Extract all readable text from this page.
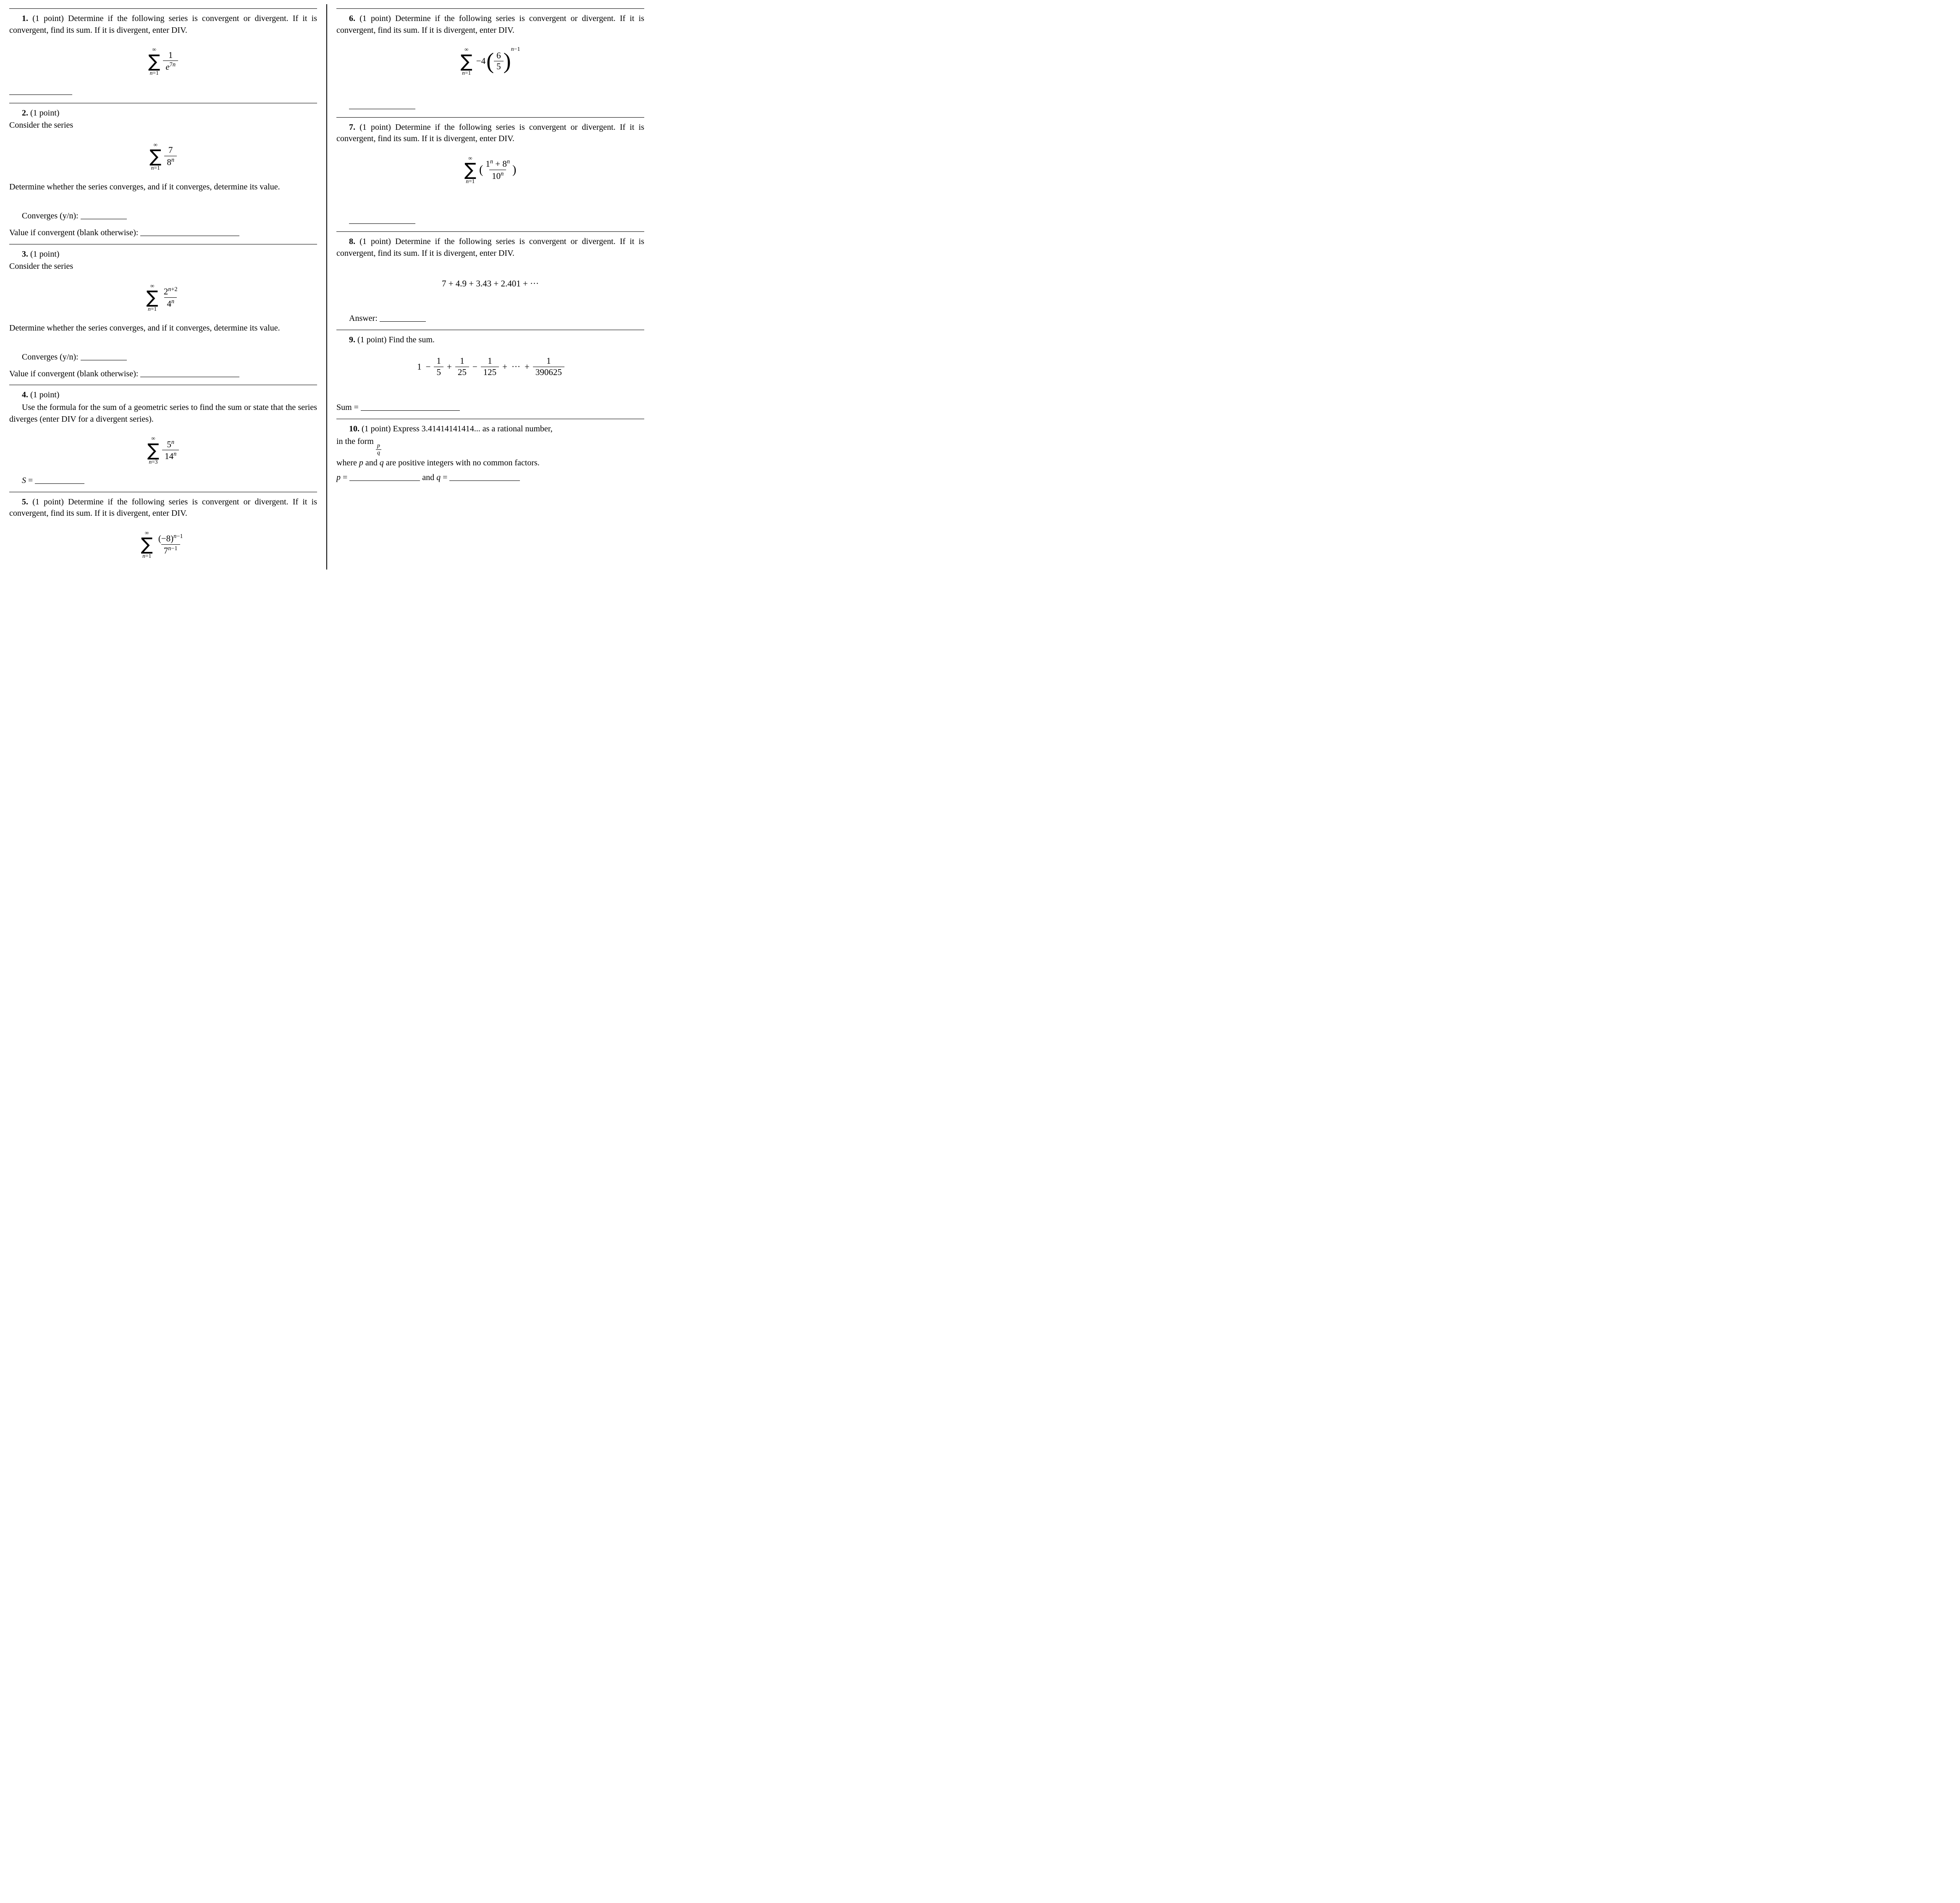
1. (1 point) Determine if the following series is convergent or divergent. If it is convergent, find its sum. If it is divergent, enter DIV.

∞
∑
n=1
$\frac{1}{e^{7n}}$

2. (1 point)

Consider the series

∞
∑
n=1
$\frac{7}{8^n}$

Determine whether the series converges, and if it converges, determine its value.

Converges (y/n):
Value if convergent (blank otherwise):

3. (1 point)

Consider the series

∞
∑
$n=1 \frac{2^{n+2}}{4^n}$

Determine whether the series converges, and if it converges, determine its value.

Converges (y/n):
Value if convergent (blank otherwise):

4. (1 point)

Use the formula for the sum of a geometric series to find the sum or state that the series diverges (enter DIV for a divergent series).

∞
∑
$n=3 \frac{5^n}{14^n}$
S =

5. (1 point) Determine if the following series is convergent or divergent. If it is convergent, find its sum. If it is divergent, enter DIV.

∞
∑
$n=1 \frac{(-8)^{n-1}}{7^{n-1}}$

6. (1 point) Determine if the following series is convergent or divergent. If it is convergent, find its sum. If it is divergent, enter DIV.

∞
∑
n=1
−4 ( $\frac{6}{5}$ ) n−1

7. (1 point) Determine if the following series is convergent or divergent. If it is convergent, find its sum. If it is divergent, enter DIV.

∞
∑
n=1
( $\frac{1^n + 8^n}{10^n}$ )

8. (1 point) Determine if the following series is convergent or divergent. If it is convergent, find its sum. If it is divergent, enter DIV.

7 + 4.9 + 3.43 + 2.401 + ···
Answer:

9. (1 point) Find the sum.

$1 - \frac{1}{5} + \frac{1}{25} - \frac{1}{125}$ + ··· + $\frac{1}{390625}$
Sum =

10. (1 point) Express 3.41414141414... as a rational number,

in the form
$\frac{p}{q}$

where p and q are positive integers with no common factors.

p =	and q =
